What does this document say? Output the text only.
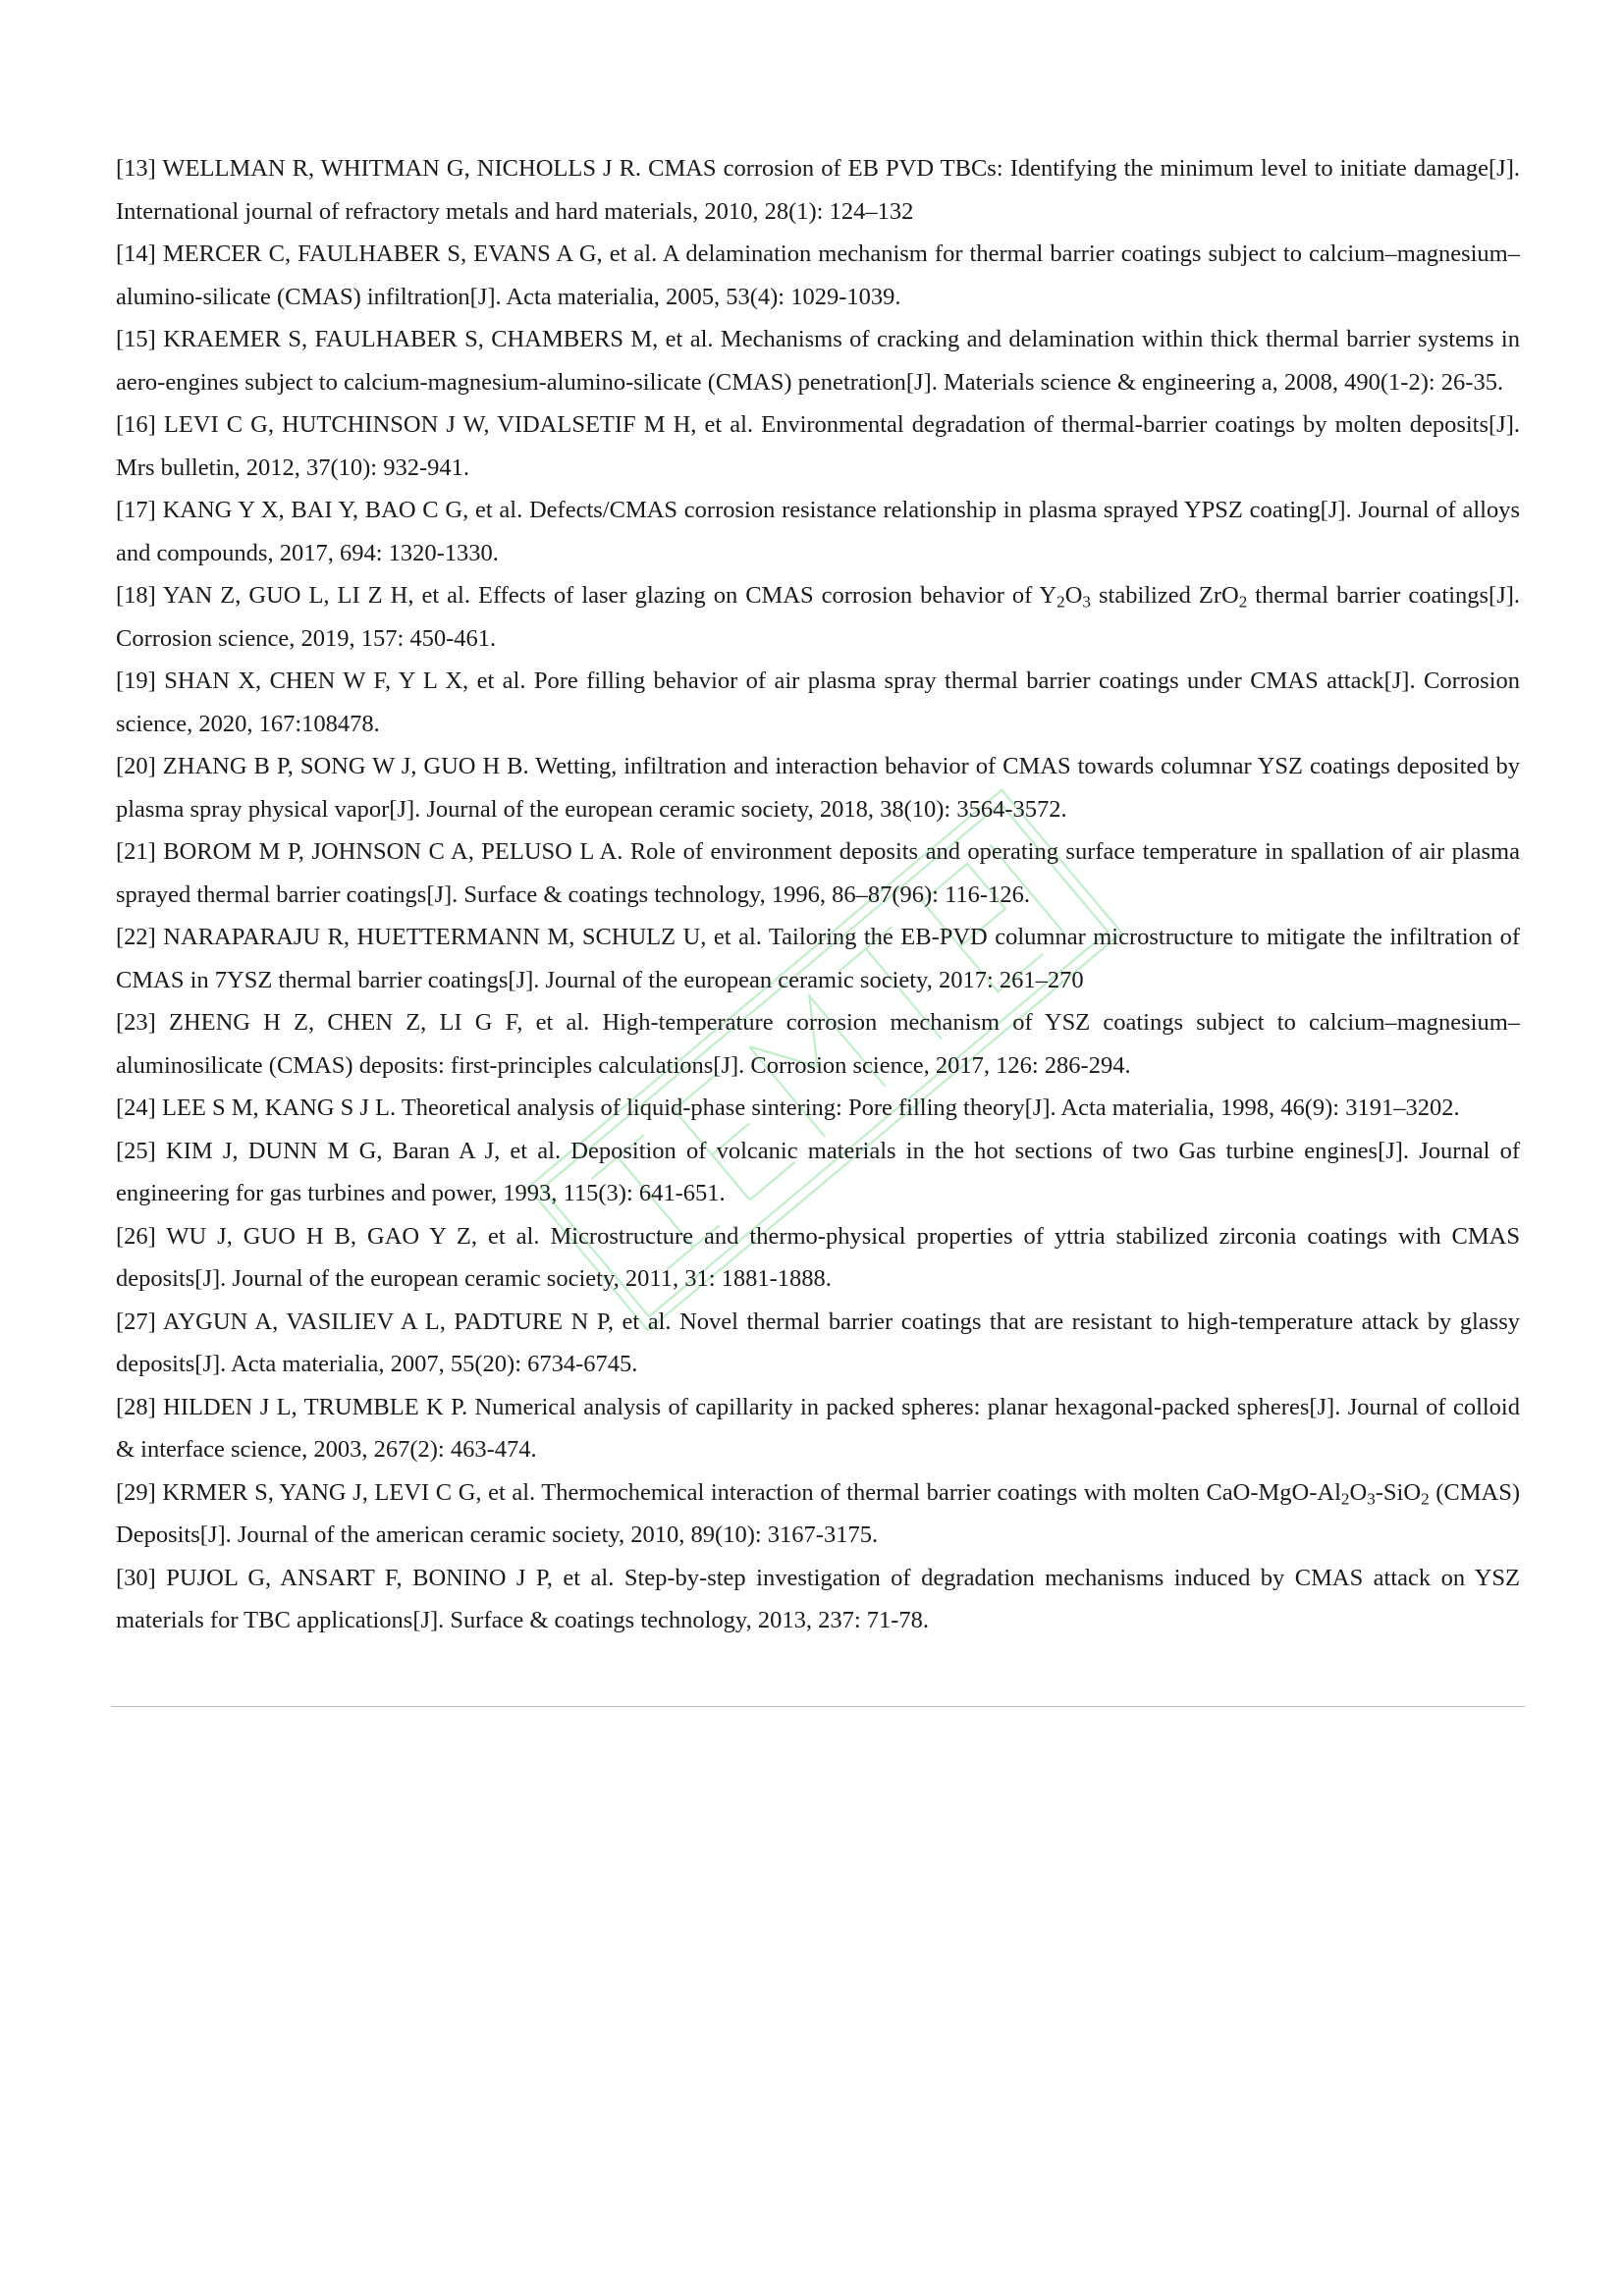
[13] WELLMAN R, WHITMAN G, NICHOLLS J R. CMAS corrosion of EB PVD TBCs: Identifying the minimum level to initiate damage[J]. International journal of refractory metals and hard materials, 2010, 28(1): 124–132

[14] MERCER C, FAULHABER S, EVANS A G, et al. A delamination mechanism for thermal barrier coatings subject to calcium–magnesium–alumino-silicate (CMAS) infiltration[J]. Acta materialia, 2005, 53(4): 1029-1039.

[15] KRAEMER S, FAULHABER S, CHAMBERS M, et al. Mechanisms of cracking and delamination within thick thermal barrier systems in aero-engines subject to calcium-magnesium-alumino-silicate (CMAS) penetration[J]. Materials science & engineering a, 2008, 490(1-2): 26-35.

[16] LEVI C G, HUTCHINSON J W, VIDALSETIF M H, et al. Environmental degradation of thermal-barrier coatings by molten deposits[J]. Mrs bulletin, 2012, 37(10): 932-941.

[17] KANG Y X, BAI Y, BAO C G, et al. Defects/CMAS corrosion resistance relationship in plasma sprayed YPSZ coating[J]. Journal of alloys and compounds, 2017, 694: 1320-1330.

[18] YAN Z, GUO L, LI Z H, et al. Effects of laser glazing on CMAS corrosion behavior of $Y_2O_3$ stabilized ZrO$_2$ thermal barrier coatings[J]. Corrosion science, 2019, 157: 450-461.

[19] SHAN X, CHEN W F, Y L X, et al. Pore filling behavior of air plasma spray thermal barrier coatings under CMAS attack[J]. Corrosion science, 2020, 167:108478.

[20] ZHANG B P, SONG W J, GUO H B. Wetting, infiltration and interaction behavior of CMAS towards columnar YSZ coatings deposited by plasma spray physical vapor[J]. Journal of the european ceramic society, 2018, 38(10): 3564-3572.

[21] BOROM M P, JOHNSON C A, PELUSO L A. Role of environment deposits and operating surface temperature in spallation of air plasma sprayed thermal barrier coatings[J]. Surface & coatings technology, 1996, 86–87(96): 116-126.

[22] NARAPARAJU R, HUETTERMANN M, SCHULZ U, et al. Tailoring the EB-PVD columnar microstructure to mitigate the infiltration of CMAS in 7YSZ thermal barrier coatings[J]. Journal of the european ceramic society, 2017: 261–270

[23] ZHENG H Z, CHEN Z, LI G F, et al. High-temperature corrosion mechanism of YSZ coatings subject to calcium–magnesium–aluminosilicate (CMAS) deposits: first-principles calculations[J]. Corrosion science, 2017, 126: 286-294.

[24] LEE S M, KANG S J L. Theoretical analysis of liquid-phase sintering: Pore filling theory[J]. Acta materialia, 1998, 46(9): 3191–3202.

[25] KIM J, DUNN M G, Baran A J, et al. Deposition of volcanic materials in the hot sections of two Gas turbine engines[J]. Journal of engineering for gas turbines and power, 1993, 115(3): 641-651.

[26] WU J, GUO H B, GAO Y Z, et al. Microstructure and thermo-physical properties of yttria stabilized zirconia coatings with CMAS deposits[J]. Journal of the european ceramic society, 2011, 31: 1881-1888.

[27] AYGUN A, VASILIEV A L, PADTURE N P, et al. Novel thermal barrier coatings that are resistant to high-temperature attack by glassy deposits[J]. Acta materialia, 2007, 55(20): 6734-6745.

[28] HILDEN J L, TRUMBLE K P. Numerical analysis of capillarity in packed spheres: planar hexagonal-packed spheres[J]. Journal of colloid & interface science, 2003, 267(2): 463-474.

[29] KRMER S, YANG J, LEVI C G, et al. Thermochemical interaction of thermal barrier coatings with molten CaO-$MgO-Al_2O_3-SiO_2$ (CMAS) Deposits[J]. Journal of the american ceramic society, 2010, 89(10): 3167-3175.

[30] PUJOL G, ANSART F, BONINO J P, et al. Step-by-step investigation of degradation mechanisms induced by CMAS attack on YSZ materials for TBC applications[J]. Surface & coatings technology, 2013, 237: 71-78.
